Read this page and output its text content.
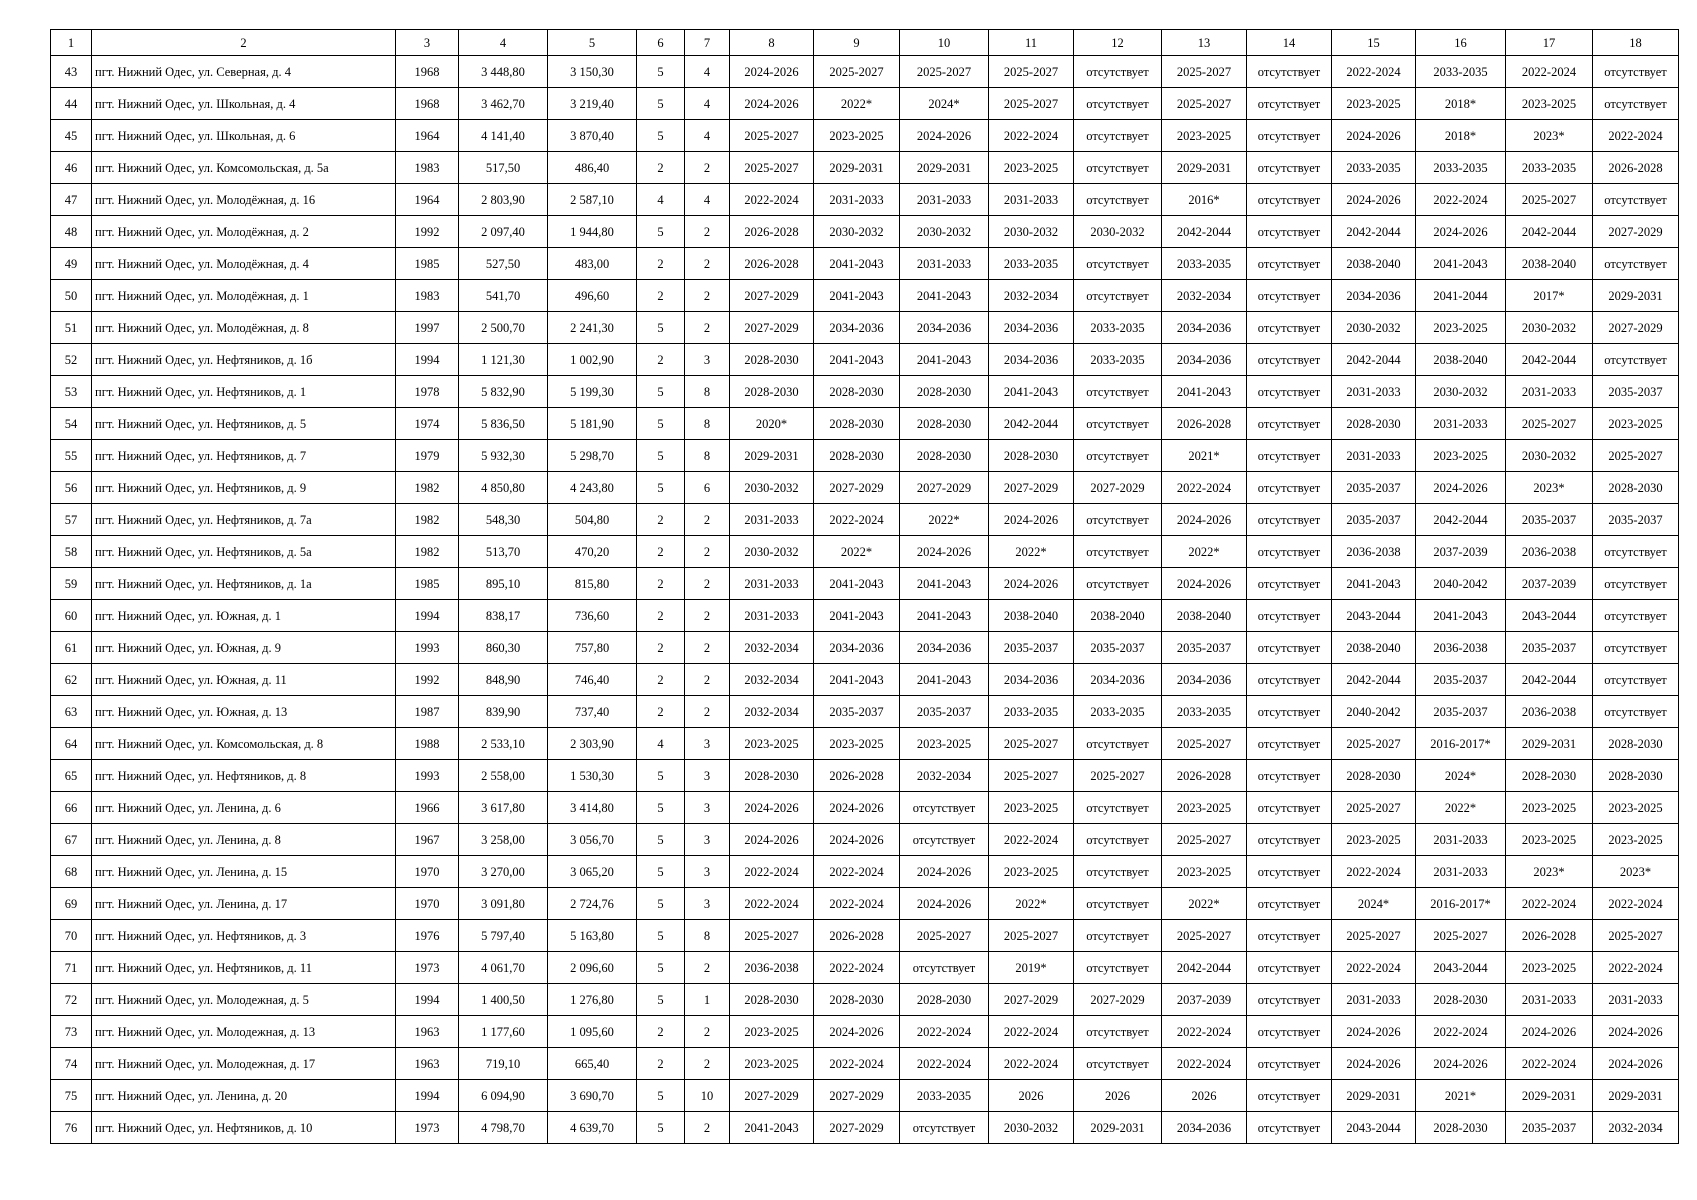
1	2	3	4	5	6	7	8	9	10	11	12	13	14	15	16	17	18
43	пгт. Нижний Одес, ул. Северная, д. 4	1968	3 448,80	3 150,30	5	4	2024-2026	2025-2027	2025-2027	2025-2027	отсутствует	2025-2027	отсутствует	2022-2024	2033-2035	2022-2024	отсутствует
44	пгт. Нижний Одес, ул. Школьная, д. 4	1968	3 462,70	3 219,40	5	4	2024-2026	2022*	2024*	2025-2027	отсутствует	2025-2027	отсутствует	2023-2025	2018*	2023-2025	отсутствует
45	пгт. Нижний Одес, ул. Школьная, д. 6	1964	4 141,40	3 870,40	5	4	2025-2027	2023-2025	2024-2026	2022-2024	отсутствует	2023-2025	отсутствует	2024-2026	2018*	2023*	2022-2024
46	пгт. Нижний Одес, ул. Комсомольская, д. 5а	1983	517,50	486,40	2	2	2025-2027	2029-2031	2029-2031	2023-2025	отсутствует	2029-2031	отсутствует	2033-2035	2033-2035	2033-2035	2026-2028
47	пгт. Нижний Одес, ул. Молодёжная, д. 16	1964	2 803,90	2 587,10	4	4	2022-2024	2031-2033	2031-2033	2031-2033	отсутствует	2016*	отсутствует	2024-2026	2022-2024	2025-2027	отсутствует
48	пгт. Нижний Одес, ул. Молодёжная, д. 2	1992	2 097,40	1 944,80	5	2	2026-2028	2030-2032	2030-2032	2030-2032	2030-2032	2042-2044	отсутствует	2042-2044	2024-2026	2042-2044	2027-2029
49	пгт. Нижний Одес, ул. Молодёжная, д. 4	1985	527,50	483,00	2	2	2026-2028	2041-2043	2031-2033	2033-2035	отсутствует	2033-2035	отсутствует	2038-2040	2041-2043	2038-2040	отсутствует
50	пгт. Нижний Одес, ул. Молодёжная, д. 1	1983	541,70	496,60	2	2	2027-2029	2041-2043	2041-2043	2032-2034	отсутствует	2032-2034	отсутствует	2034-2036	2041-2044	2017*	2029-2031
51	пгт. Нижний Одес, ул. Молодёжная, д. 8	1997	2 500,70	2 241,30	5	2	2027-2029	2034-2036	2034-2036	2034-2036	2033-2035	2034-2036	отсутствует	2030-2032	2023-2025	2030-2032	2027-2029
52	пгт. Нижний Одес, ул. Нефтяников, д. 1б	1994	1 121,30	1 002,90	2	3	2028-2030	2041-2043	2041-2043	2034-2036	2033-2035	2034-2036	отсутствует	2042-2044	2038-2040	2042-2044	отсутствует
53	пгт. Нижний Одес, ул. Нефтяников, д. 1	1978	5 832,90	5 199,30	5	8	2028-2030	2028-2030	2028-2030	2041-2043	отсутствует	2041-2043	отсутствует	2031-2033	2030-2032	2031-2033	2035-2037
54	пгт. Нижний Одес, ул. Нефтяников, д. 5	1974	5 836,50	5 181,90	5	8	2020*	2028-2030	2028-2030	2042-2044	отсутствует	2026-2028	отсутствует	2028-2030	2031-2033	2025-2027	2023-2025
55	пгт. Нижний Одес, ул. Нефтяников, д. 7	1979	5 932,30	5 298,70	5	8	2029-2031	2028-2030	2028-2030	2028-2030	отсутствует	2021*	отсутствует	2031-2033	2023-2025	2030-2032	2025-2027
56	пгт. Нижний Одес, ул. Нефтяников, д. 9	1982	4 850,80	4 243,80	5	6	2030-2032	2027-2029	2027-2029	2027-2029	2027-2029	2022-2024	отсутствует	2035-2037	2024-2026	2023*	2028-2030
57	пгт. Нижний Одес, ул. Нефтяников, д. 7а	1982	548,30	504,80	2	2	2031-2033	2022-2024	2022*	2024-2026	отсутствует	2024-2026	отсутствует	2035-2037	2042-2044	2035-2037	2035-2037
58	пгт. Нижний Одес, ул. Нефтяников, д. 5а	1982	513,70	470,20	2	2	2030-2032	2022*	2024-2026	2022*	отсутствует	2022*	отсутствует	2036-2038	2037-2039	2036-2038	отсутствует
59	пгт. Нижний Одес, ул. Нефтяников, д. 1а	1985	895,10	815,80	2	2	2031-2033	2041-2043	2041-2043	2024-2026	отсутствует	2024-2026	отсутствует	2041-2043	2040-2042	2037-2039	отсутствует
60	пгт. Нижний Одес, ул. Южная, д. 1	1994	838,17	736,60	2	2	2031-2033	2041-2043	2041-2043	2038-2040	2038-2040	2038-2040	отсутствует	2043-2044	2041-2043	2043-2044	отсутствует
61	пгт. Нижний Одес, ул. Южная, д. 9	1993	860,30	757,80	2	2	2032-2034	2034-2036	2034-2036	2035-2037	2035-2037	2035-2037	отсутствует	2038-2040	2036-2038	2035-2037	отсутствует
62	пгт. Нижний Одес, ул. Южная, д. 11	1992	848,90	746,40	2	2	2032-2034	2041-2043	2041-2043	2034-2036	2034-2036	2034-2036	отсутствует	2042-2044	2035-2037	2042-2044	отсутствует
63	пгт. Нижний Одес, ул. Южная, д. 13	1987	839,90	737,40	2	2	2032-2034	2035-2037	2035-2037	2033-2035	2033-2035	2033-2035	отсутствует	2040-2042	2035-2037	2036-2038	отсутствует
64	пгт. Нижний Одес, ул. Комсомольская, д. 8	1988	2 533,10	2 303,90	4	3	2023-2025	2023-2025	2023-2025	2025-2027	отсутствует	2025-2027	отсутствует	2025-2027	2016-2017*	2029-2031	2028-2030
65	пгт. Нижний Одес, ул. Нефтяников, д. 8	1993	2 558,00	1 530,30	5	3	2028-2030	2026-2028	2032-2034	2025-2027	2025-2027	2026-2028	отсутствует	2028-2030	2024*	2028-2030	2028-2030
66	пгт. Нижний Одес, ул. Ленина, д. 6	1966	3 617,80	3 414,80	5	3	2024-2026	2024-2026	отсутствует	2023-2025	отсутствует	2023-2025	отсутствует	2025-2027	2022*	2023-2025	2023-2025
67	пгт. Нижний Одес, ул. Ленина, д. 8	1967	3 258,00	3 056,70	5	3	2024-2026	2024-2026	отсутствует	2022-2024	отсутствует	2025-2027	отсутствует	2023-2025	2031-2033	2023-2025	2023-2025
68	пгт. Нижний Одес, ул. Ленина, д. 15	1970	3 270,00	3 065,20	5	3	2022-2024	2022-2024	2024-2026	2023-2025	отсутствует	2023-2025	отсутствует	2022-2024	2031-2033	2023*	2023*
69	пгт. Нижний Одес, ул. Ленина, д. 17	1970	3 091,80	2 724,76	5	3	2022-2024	2022-2024	2024-2026	2022*	отсутствует	2022*	отсутствует	2024*	2016-2017*	2022-2024	2022-2024
70	пгт. Нижний Одес, ул. Нефтяников, д. 3	1976	5 797,40	5 163,80	5	8	2025-2027	2026-2028	2025-2027	2025-2027	отсутствует	2025-2027	отсутствует	2025-2027	2025-2027	2026-2028	2025-2027
71	пгт. Нижний Одес, ул. Нефтяников, д. 11	1973	4 061,70	2 096,60	5	2	2036-2038	2022-2024	отсутствует	2019*	отсутствует	2042-2044	отсутствует	2022-2024	2043-2044	2023-2025	2022-2024
72	пгт. Нижний Одес, ул. Молодежная, д. 5	1994	1 400,50	1 276,80	5	1	2028-2030	2028-2030	2028-2030	2027-2029	2027-2029	2037-2039	отсутствует	2031-2033	2028-2030	2031-2033	2031-2033
73	пгт. Нижний Одес, ул. Молодежная, д. 13	1963	1 177,60	1 095,60	2	2	2023-2025	2024-2026	2022-2024	2022-2024	отсутствует	2022-2024	отсутствует	2024-2026	2022-2024	2024-2026	2024-2026
74	пгт. Нижний Одес, ул. Молодежная, д. 17	1963	719,10	665,40	2	2	2023-2025	2022-2024	2022-2024	2022-2024	отсутствует	2022-2024	отсутствует	2024-2026	2024-2026	2022-2024	2024-2026
75	пгт. Нижний Одес, ул. Ленина, д. 20	1994	6 094,90	3 690,70	5	10	2027-2029	2027-2029	2033-2035	2026	2026	2026	отсутствует	2029-2031	2021*	2029-2031	2029-2031
76	пгт. Нижний Одес, ул. Нефтяников, д. 10	1973	4 798,70	4 639,70	5	2	2041-2043	2027-2029	отсутствует	2030-2032	2029-2031	2034-2036	отсутствует	2043-2044	2028-2030	2035-2037	2032-2034
